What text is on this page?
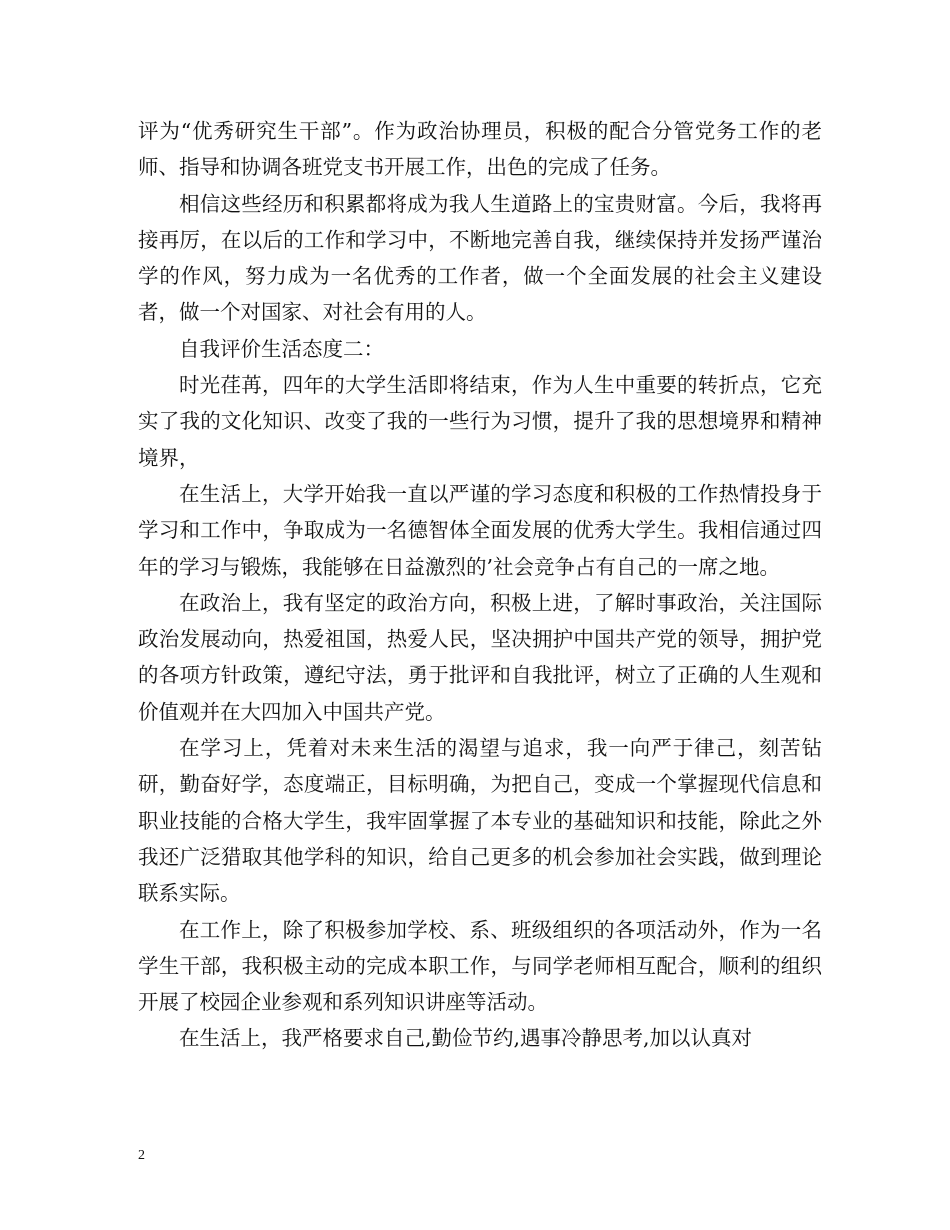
评为“优秀研究生干部”。作为政治协理员，积极的配合分管党务工作的老师、指导和协调各班党支书开展工作，出色的完成了任务。

相信这些经历和积累都将成为我人生道路上的宝贵财富。今后，我将再接再厉，在以后的工作和学习中，不断地完善自我，继续保持并发扬严谨治学的作风，努力成为一名优秀的工作者，做一个全面发展的社会主义建设者，做一个对国家、对社会有用的人。

自我评价生活态度二：

时光荏苒，四年的大学生活即将结束，作为人生中重要的转折点，它充实了我的文化知识、改变了我的一些行为习惯，提升了我的思想境界和精神境界，

在生活上，大学开始我一直以严谨的学习态度和积极的工作热情投身于学习和工作中，争取成为一名德智体全面发展的优秀大学生。我相信通过四年的学习与锻炼，我能够在日益激烈的’社会竞争占有自己的一席之地。

在政治上，我有坚定的政治方向，积极上进，了解时事政治，关注国际政治发展动向，热爱祖国，热爱人民，坚决拥护中国共产党的领导，拥护党的各项方针政策，遵纪守法，勇于批评和自我批评，树立了正确的人生观和价值观并在大四加入中国共产党。

在学习上，凭着对未来生活的渴望与追求，我一向严于律己，刻苦钻研，勤奋好学，态度端正，目标明确，为把自己，变成一个掌握现代信息和职业技能的合格大学生，我牢固掌握了本专业的基础知识和技能，除此之外我还广泛猎取其他学科的知识，给自己更多的机会参加社会实践，做到理论联系实际。

在工作上，除了积极参加学校、系、班级组织的各项活动外，作为一名学生干部，我积极主动的完成本职工作，与同学老师相互配合，顺利的组织开展了校园企业参观和系列知识讲座等活动。

在生活上，我严格要求自己,勤俭节约,遇事冷静思考,加以认真对

2
